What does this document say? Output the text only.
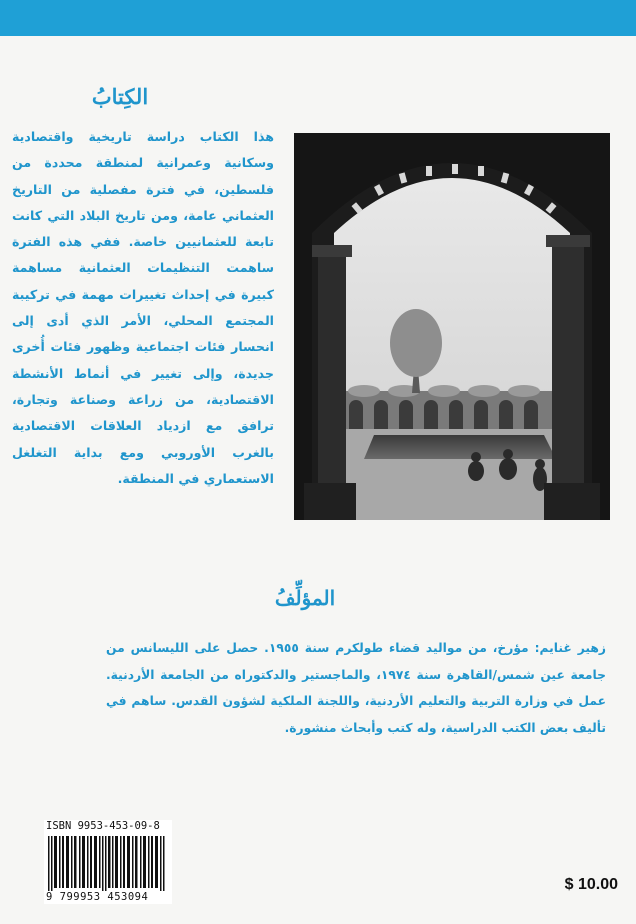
الكِتابُ
هذا الكتاب دراسة تاريخية واقتصادية وسكانية وعمرانية لمنطقة محددة من فلسطين، في فترة مفصلية من التاريخ العثماني عامة، ومن تاريخ البلاد التي كانت تابعة للعثمانيين خاصة. ففي هذه الفترة ساهمت التنظيمات العثمانية مساهمة كبيرة في إحداث تغييرات مهمة في تركيبة المجتمع المحلي، الأمر الذي أدى إلى انحسار فئات اجتماعية وظهور فئات أُخرى جديدة، وإلى تغيير في أنماط الأنشطة الاقتصادية، من زراعة وصناعة وتجارة، ترافق مع ازدياد العلاقات الاقتصادية بالغرب الأوروبي ومع بداية التغلغل الاستعماري في المنطقة.
المؤلِّفُ
زهير غنايم: مؤرخ، من مواليد قضاء طولكرم سنة ١٩٥٥. حصل على الليسانس من جامعة عين شمس/القاهرة سنة ١٩٧٤، والماجستير والدكتوراه من الجامعة الأردنية. عمل في وزارة التربية والتعليم الأردنية، واللجنة الملكية لشؤون القدس. ساهم في تأليف بعض الكتب الدراسية، وله كتب وأبحاث منشورة.
ISBN 9953-453-09-8
9 799953 453094
$ 10.00
